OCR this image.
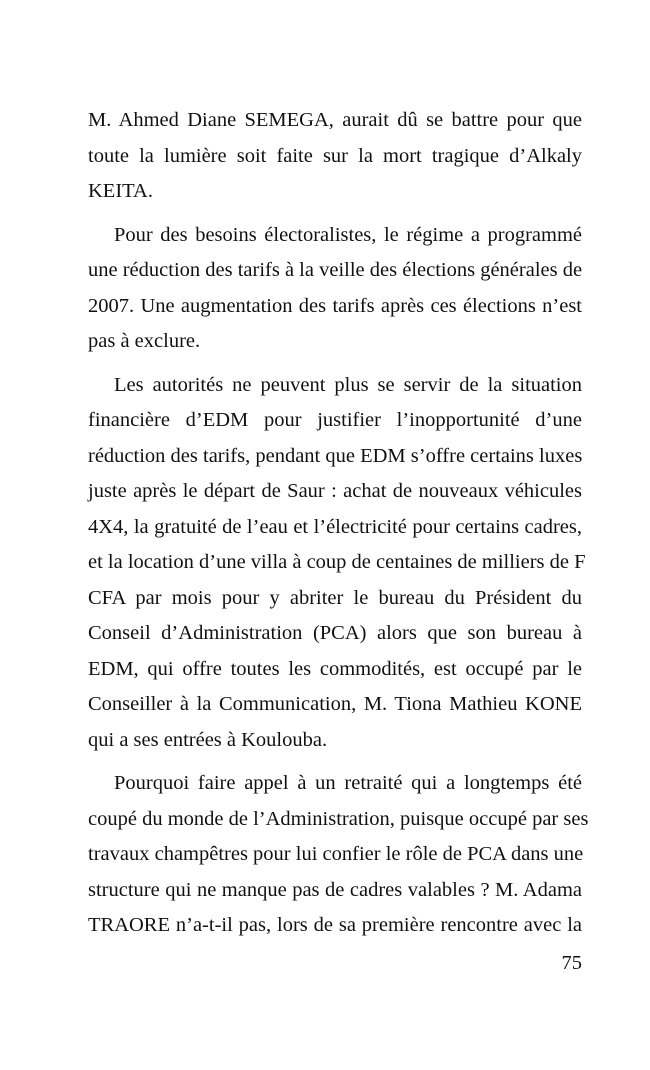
M. Ahmed Diane SEMEGA, aurait dû se battre pour que
toute la lumière soit faite sur la mort tragique d’Alkaly
KEITA.
Pour des besoins électoralistes, le régime a programmé
une réduction des tarifs à la veille des élections générales de
2007. Une augmentation des tarifs après ces élections n’est
pas à exclure.
Les autorités ne peuvent plus se servir de la situation
financière d’EDM pour justifier l’inopportunité d’une
réduction des tarifs, pendant que EDM s’offre certains luxes
juste après le départ de Saur : achat de nouveaux véhicules
4X4, la gratuité de l’eau et l’électricité pour certains cadres,
et la location d’une villa à coup de centaines de milliers de F
CFA par mois pour y abriter le bureau du Président du
Conseil d’Administration (PCA) alors que son bureau à
EDM, qui offre toutes les commodités, est occupé par le
Conseiller à la Communication, M. Tiona Mathieu KONE
qui a ses entrées à Koulouba.
Pourquoi faire appel à un retraité qui a longtemps été
coupé du monde de l’Administration, puisque occupé par ses
travaux champêtres pour lui confier le rôle de PCA dans une
structure qui ne manque pas de cadres valables ? M. Adama
TRAORE n’a-t-il pas, lors de sa première rencontre avec la
75
